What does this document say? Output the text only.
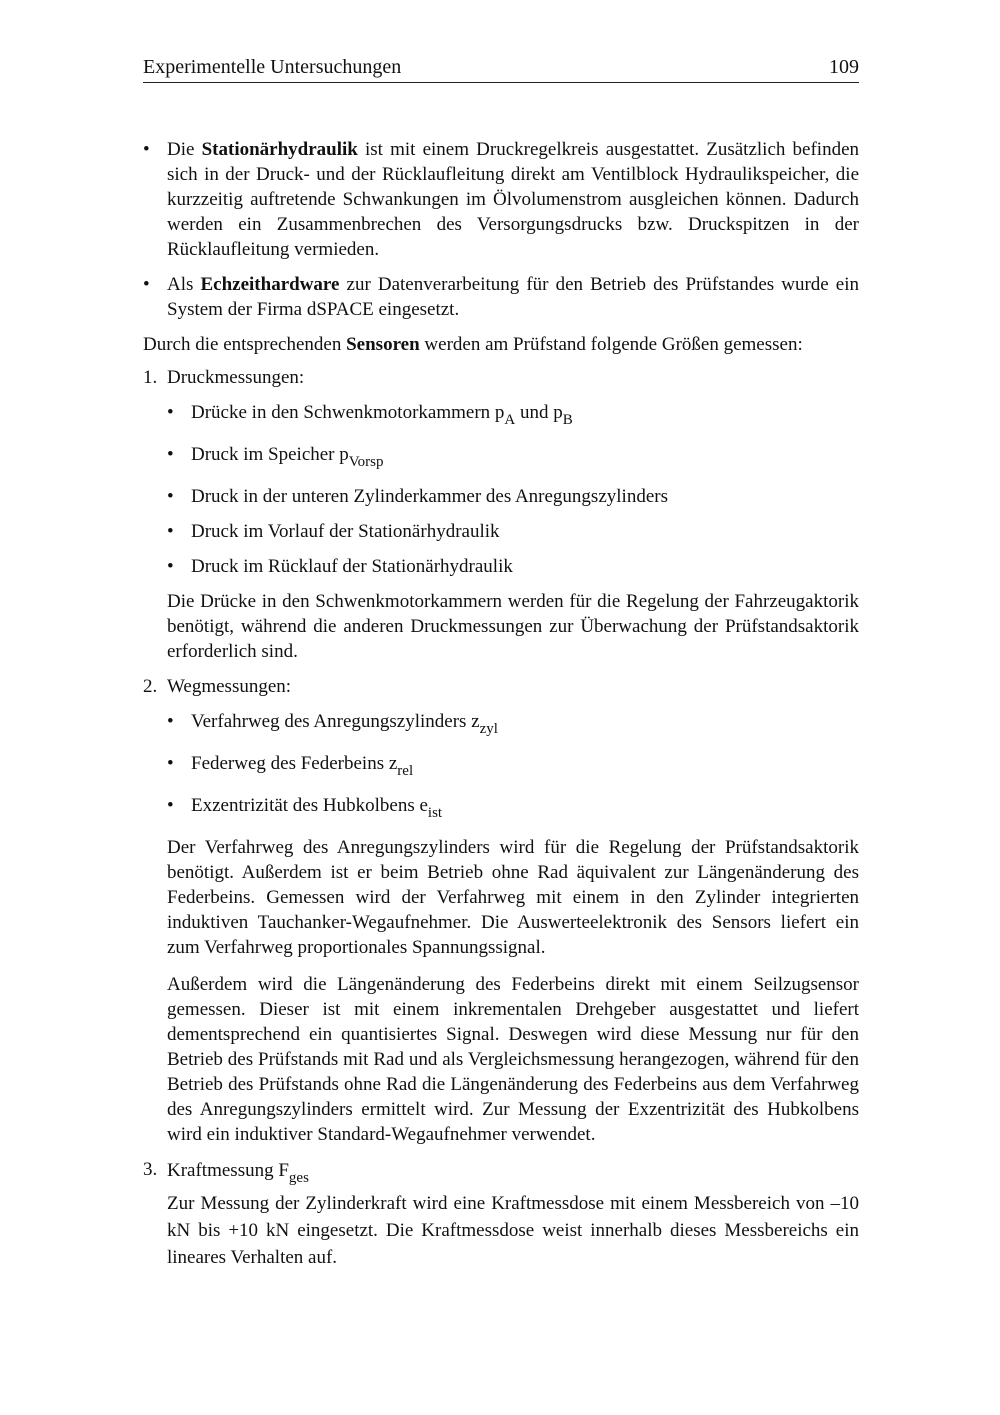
Experimentelle Untersuchungen	109
• Die Stationärhydraulik ist mit einem Druckregelkreis ausgestattet. Zusätzlich befinden sich in der Druck- und der Rücklaufleitung direkt am Ventilblock Hydraulikspeicher, die kurzzeitig auftretende Schwankungen im Ölvolumenstrom ausgleichen können. Dadurch werden ein Zusammenbrechen des Versorgungsdrucks bzw. Druckspitzen in der Rücklaufleitung vermieden.

• Als Echzeithardware zur Datenverarbeitung für den Betrieb des Prüfstandes wurde ein System der Firma dSPACE eingesetzt.

Durch die entsprechenden Sensoren werden am Prüfstand folgende Größen gemessen:

1. Druckmessungen:

• Drücke in den Schwenkmotorkammern $p_A$ und $p_B$
• Druck im Speicher $p_{Vorsp}$
• Druck in der unteren Zylinderkammer des Anregungszylinders
• Druck im Vorlauf der Stationärhydraulik
• Druck im Rücklauf der Stationärhydraulik

Die Drücke in den Schwenkmotorkammern werden für die Regelung der Fahrzeugaktorik benötigt, während die anderen Druckmessungen zur Überwachung der Prüfstandsaktorik erforderlich sind.

2. Wegmessungen:

• Verfahrweg des Anregungszylinders $z_{zyl}$
• Federweg des Federbeins $z_{rel}$
• Exzentrizität des Hubkolbens $e_{ist}$

Der Verfahrweg des Anregungszylinders wird für die Regelung der Prüfstandsaktorik benötigt. Außerdem ist er beim Betrieb ohne Rad äquivalent zur Längenänderung des Federbeins. Gemessen wird der Verfahrweg mit einem in den Zylinder integrierten induktiven Tauchanker-Wegaufnehmer. Die Auswerteelektronik des Sensors liefert ein zum Verfahrweg proportionales Spannungssignal.

Außerdem wird die Längenänderung des Federbeins direkt mit einem Seilzugsensor gemessen. Dieser ist mit einem inkrementalen Drehgeber ausgestattet und liefert dementsprechend ein quantisiertes Signal. Deswegen wird diese Messung nur für den Betrieb des Prüfstands mit Rad und als Vergleichsmessung herangezogen, während für den Betrieb des Prüfstands ohne Rad die Längenänderung des Federbeins aus dem Verfahrweg des Anregungszylinders ermittelt wird. Zur Messung der Exzentrizität des Hubkolbens wird ein induktiver Standard-Wegaufnehmer verwendet.

3. Kraftmessung $F_{ges}$

Zur Messung der Zylinderkraft wird eine Kraftmessdose mit einem Messbereich von –10 kN bis +10 kN eingesetzt. Die Kraftmessdose weist innerhalb dieses Messbereichs ein lineares Verhalten auf.
